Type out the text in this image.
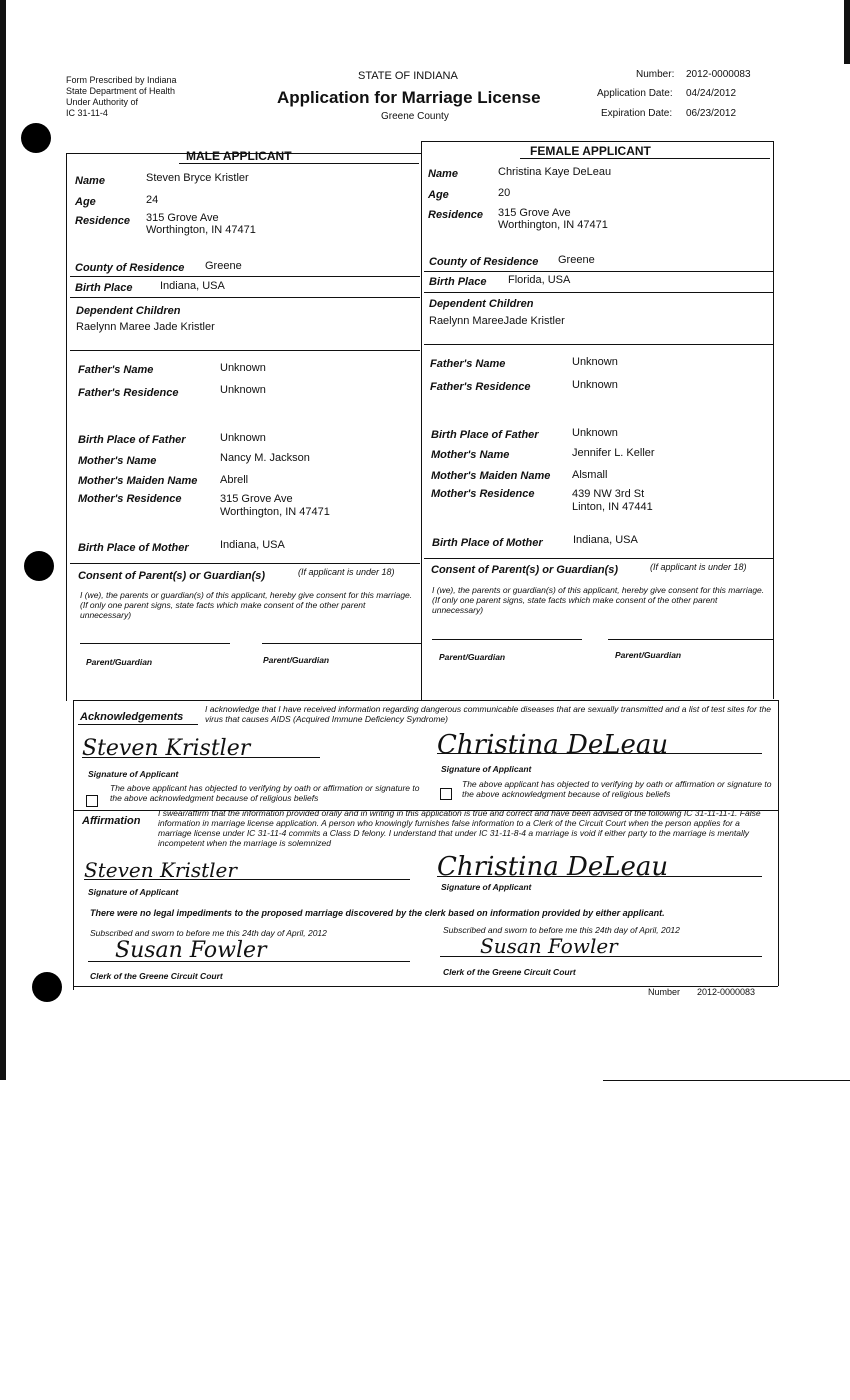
Form Prescribed by Indiana
State Department of Health
Under Authority of
IC 31-11-4
STATE OF INDIANA
Application for Marriage License
Greene County
Number: 2012-0000083
Application Date: 04/24/2012
Expiration Date: 06/23/2012
MALE APPLICANT	FEMALE APPLICANT
Name	Steven Bryce Kristler
Age	24
Residence 315 Grove Ave
Worthington, IN 47471
County of Residence Greene
Birth Place	Indiana, USA
Dependent Children
Raelynn Maree Jade Kristler
Father's Name	Unknown
Father's Residence	Unknown
Birth Place of Father	Unknown
Mother's Name	Nancy M. Jackson
Mother's Maiden Name Abrell
Mother's Residence	315 Grove Ave
Worthington, IN 47471
Birth Place of Mother	Indiana, USA
Consent of Parent(s) or Guardian(s)	(If applicant is under 18)
I (we), the parents or guardian(s) of this applicant, hereby give consent for this marriage. (If only one parent signs, state facts which make consent of the other parent unnecessary)
Parent/Guardian	Parent/Guardian
Name	Christina Kaye DeLeau
Age	20
Residence 315 Grove Ave
Worthington, IN 47471
County of Residence Greene
Birth Place Florida, USA
Dependent Children
Raelynn MareeJade Kristler
Father's Name	Unknown
Father's Residence	Unknown
Birth Place of Father	Unknown
Mother's Name	Jennifer L. Keller
Mother's Maiden Name Alsmall
Mother's Residence	439 NW 3rd St
Linton, IN 47441
Birth Place of Mother	Indiana, USA
Consent of Parent(s) or Guardian(s)	(If applicant is under 18)
I (we), the parents or guardian(s) of this applicant, hereby give consent for this marriage. (If only one parent signs, state facts which make consent of the other parent unnecessary)
Parent/Guardian	Parent/Guardian
Acknowledgements
I acknowledge that I have received information regarding dangerous communicable diseases that are sexually transmitted and a list of test sites for the virus that causes AIDS (Acquired Immune Deficiency Syndrome)
Steven Kristler
Signature of Applicant
The above applicant has objected to verifying by oath or affirmation or signature to the above acknowledgment because of religious beliefs
Christina DeLeau
Signature of Applicant
The above applicant has objected to verifying by oath or affirmation or signature to the above acknowledgment because of religious beliefs
Affirmation
I swear/affirm that the information provided orally and in writing in this application is true and correct and have been advised of the following IC 31-11-11-1. False information in marriage license application. A person who knowingly furnishes false information to a Clerk of the Circuit Court when the person applies for a marriage license under IC 31-11-4 commits a Class D felony. I understand that under IC 31-11-8-4 a marriage is void if either party to the marriage is mentally incompetent when the marriage is solemnized
Steven Kristler
Signature of Applicant
Christina DeLeau
Signature of Applicant
There were no legal impediments to the proposed marriage discovered by the clerk based on information provided by either applicant.
Subscribed and sworn to before me this 24th day of April, 2012
Susan Fowler
Clerk of the Greene Circuit Court
Subscribed and sworn to before me this 24th day of April, 2012
Susan Fowler
Clerk of the Greene Circuit Court
Number 2012-0000083
